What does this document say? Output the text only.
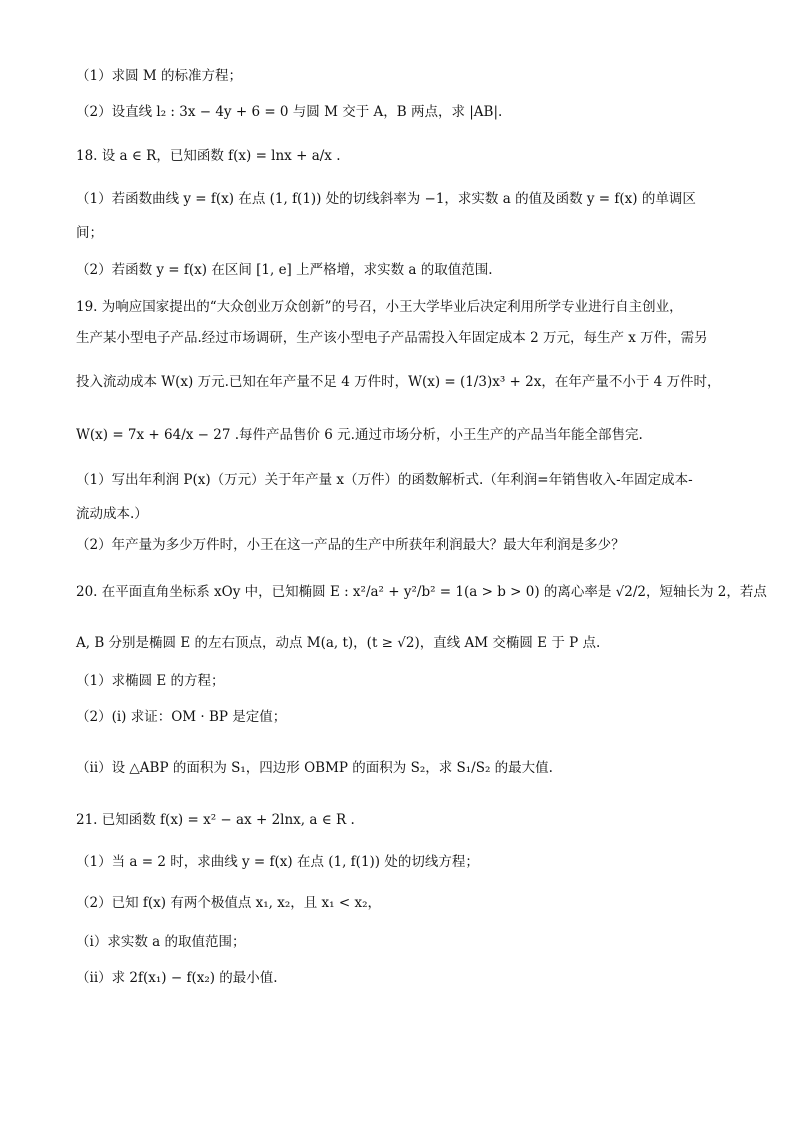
（1）求圆 M 的标准方程；
（2）设直线 l₂ : 3x − 4y + 6 = 0 与圆 M 交于 A，B 两点，求 |AB|.
18. 设 a ∈ R，已知函数 f(x) = lnx + a/x .
（1）若函数曲线 y = f(x) 在点 (1, f(1)) 处的切线斜率为 −1，求实数 a 的值及函数 y = f(x) 的单调区
间；
（2）若函数 y = f(x) 在区间 [1, e] 上严格增，求实数 a 的取值范围.
19. 为响应国家提出的“大众创业万众创新”的号召，小王大学毕业后决定利用所学专业进行自主创业，
生产某小型电子产品.经过市场调研，生产该小型电子产品需投入年固定成本 2 万元，每生产 x 万件，需另
投入流动成本 W(x) 万元.已知在年产量不足 4 万件时，W(x) = (1/3)x³ + 2x，在年产量不小于 4 万件时，
W(x) = 7x + 64/x − 27 .每件产品售价 6 元.通过市场分析，小王生产的产品当年能全部售完.
（1）写出年利润 P(x)（万元）关于年产量 x（万件）的函数解析式.（年利润=年销售收入-年固定成本-
流动成本.）
（2）年产量为多少万件时，小王在这一产品的生产中所获年利润最大？最大年利润是多少？
20. 在平面直角坐标系 xOy 中，已知椭圆 E : x²/a² + y²/b² = 1(a > b > 0) 的离心率是 √2/2，短轴长为 2，若点
A, B 分别是椭圆 E 的左右顶点，动点 M(a, t)，(t ≥ √2)，直线 AM 交椭圆 E 于 P 点.
（1）求椭圆 E 的方程；
（2）(i) 求证：OM · BP 是定值；
（ii）设 △ABP 的面积为 S₁，四边形 OBMP 的面积为 S₂，求 S₁/S₂ 的最大值.
21. 已知函数 f(x) = x² − ax + 2lnx, a ∈ R .
（1）当 a = 2 时，求曲线 y = f(x) 在点 (1, f(1)) 处的切线方程；
（2）已知 f(x) 有两个极值点 x₁, x₂，且 x₁ < x₂，
（i）求实数 a 的取值范围；
（ii）求 2f(x₁) − f(x₂) 的最小值.
